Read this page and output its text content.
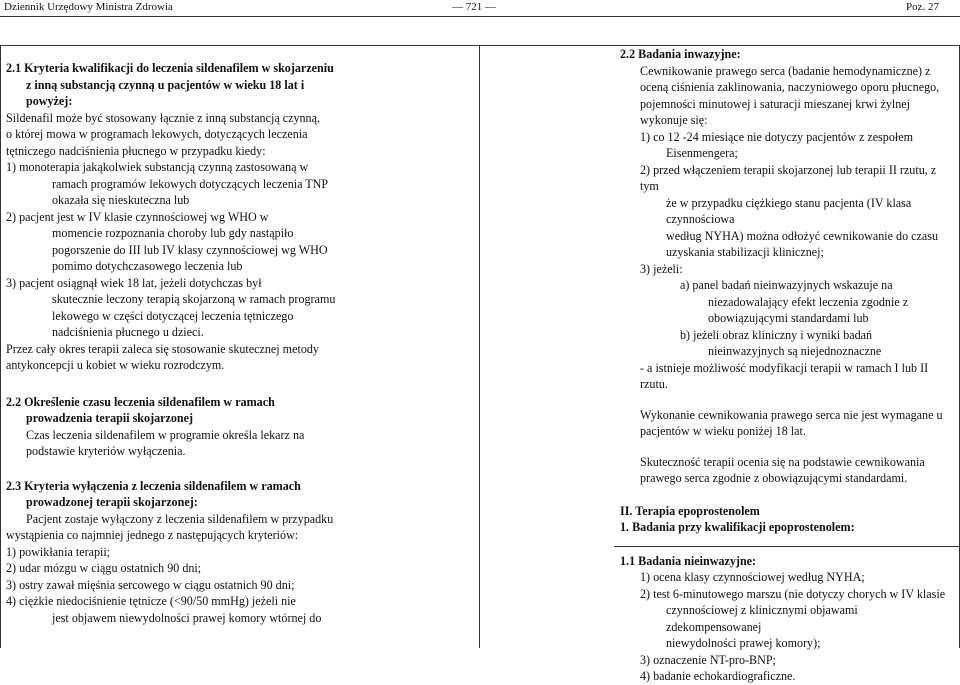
Dziennik Urzędowy Ministra Zdrowia	— 721 —	Poz. 27

2.1 Kryteria kwalifikacji do leczenia sildenafilem w skojarzeniu

z inną substancją czynną u pacjentów w wieku 18 lat i

powyżej:

Sildenafil może być stosowany łącznie z inną substancją czynną,

o której mowa w programach lekowych, dotyczących leczenia

tętniczego nadciśnienia płucnego w przypadku kiedy:

1) monoterapia jakąkolwiek substancją czynną zastosowaną w

ramach programów lekowych dotyczących leczenia TNP

okazała się nieskuteczna lub

2) pacjent jest w IV klasie czynnościowej wg WHO w

momencie rozpoznania choroby lub gdy nastąpiło

pogorszenie do III lub IV klasy czynnościowej wg WHO

pomimo dotychczasowego leczenia lub

3) pacjent osiągnął wiek 18 lat, jeżeli dotychczas był

skutecznie leczony terapią skojarzoną w ramach programu

lekowego w części dotyczącej leczenia tętniczego

nadciśnienia płucnego u dzieci.

Przez cały okres terapii zaleca się stosowanie skutecznej metody

antykoncepcji u kobiet w wieku rozrodczym.

2.2 Określenie czasu leczenia sildenafilem w ramach

prowadzenia terapii skojarzonej

Czas leczenia sildenafilem w programie określa lekarz na

podstawie kryteriów wyłączenia.

2.3 Kryteria wyłączenia z leczenia sildenafilem w ramach

prowadzonej terapii skojarzonej:

Pacjent zostaje wyłączony z leczenia sildenafilem w przypadku

wystąpienia co najmniej jednego z następujących kryteriów:

1) powikłania terapii;

2) udar mózgu w ciągu ostatnich 90 dni;

3) ostry zawał mięśnia sercowego w ciągu ostatnich 90 dni;

4) ciężkie niedociśnienie tętnicze (<90/50 mmHg) jeżeli nie

jest objawem niewydolności prawej komory wtórnej do

2.2 Badania inwazyjne:

Cewnikowanie prawego serca (badanie hemodynamiczne) z

oceną ciśnienia zaklinowania, naczyniowego oporu płucnego,

pojemności minutowej i saturacji mieszanej krwi żylnej

wykonuje się:

1) co 12 -24 miesiące nie dotyczy pacjentów z zespołem

Eisenmengera;

2) przed włączeniem terapii skojarzonej lub terapii II rzutu, z tym

że w przypadku ciężkiego stanu pacjenta (IV klasa czynnościowa

według NYHA) można odłożyć cewnikowanie do czasu

uzyskania stabilizacji klinicznej;

3) jeżeli:

a) panel badań nieinwazyjnych wskazuje na

niezadowalający efekt leczenia zgodnie z

obowiązującymi standardami lub

b) jeżeli obraz kliniczny i wyniki badań

nieinwazyjnych są niejednoznaczne

- a istnieje możliwość modyfikacji terapii w ramach I lub II

rzutu.

Wykonanie cewnikowania prawego serca nie jest wymagane u

pacjentów w wieku poniżej 18 lat.

Skuteczność terapii ocenia się na podstawie cewnikowania

prawego serca zgodnie z obowiązującymi standardami.

II. Terapia epoprostenolem

1. Badania przy kwalifikacji epoprostenolem:

1.1 Badania nieinwazyjne:

1) ocena klasy czynnościowej według NYHA;

2) test 6-minutowego marszu (nie dotyczy chorych w IV klasie

czynnościowej z klinicznymi objawami zdekompensowanej

niewydolności prawej komory);

3) oznaczenie NT-pro-BNP;

4) badanie echokardiograficzne.
